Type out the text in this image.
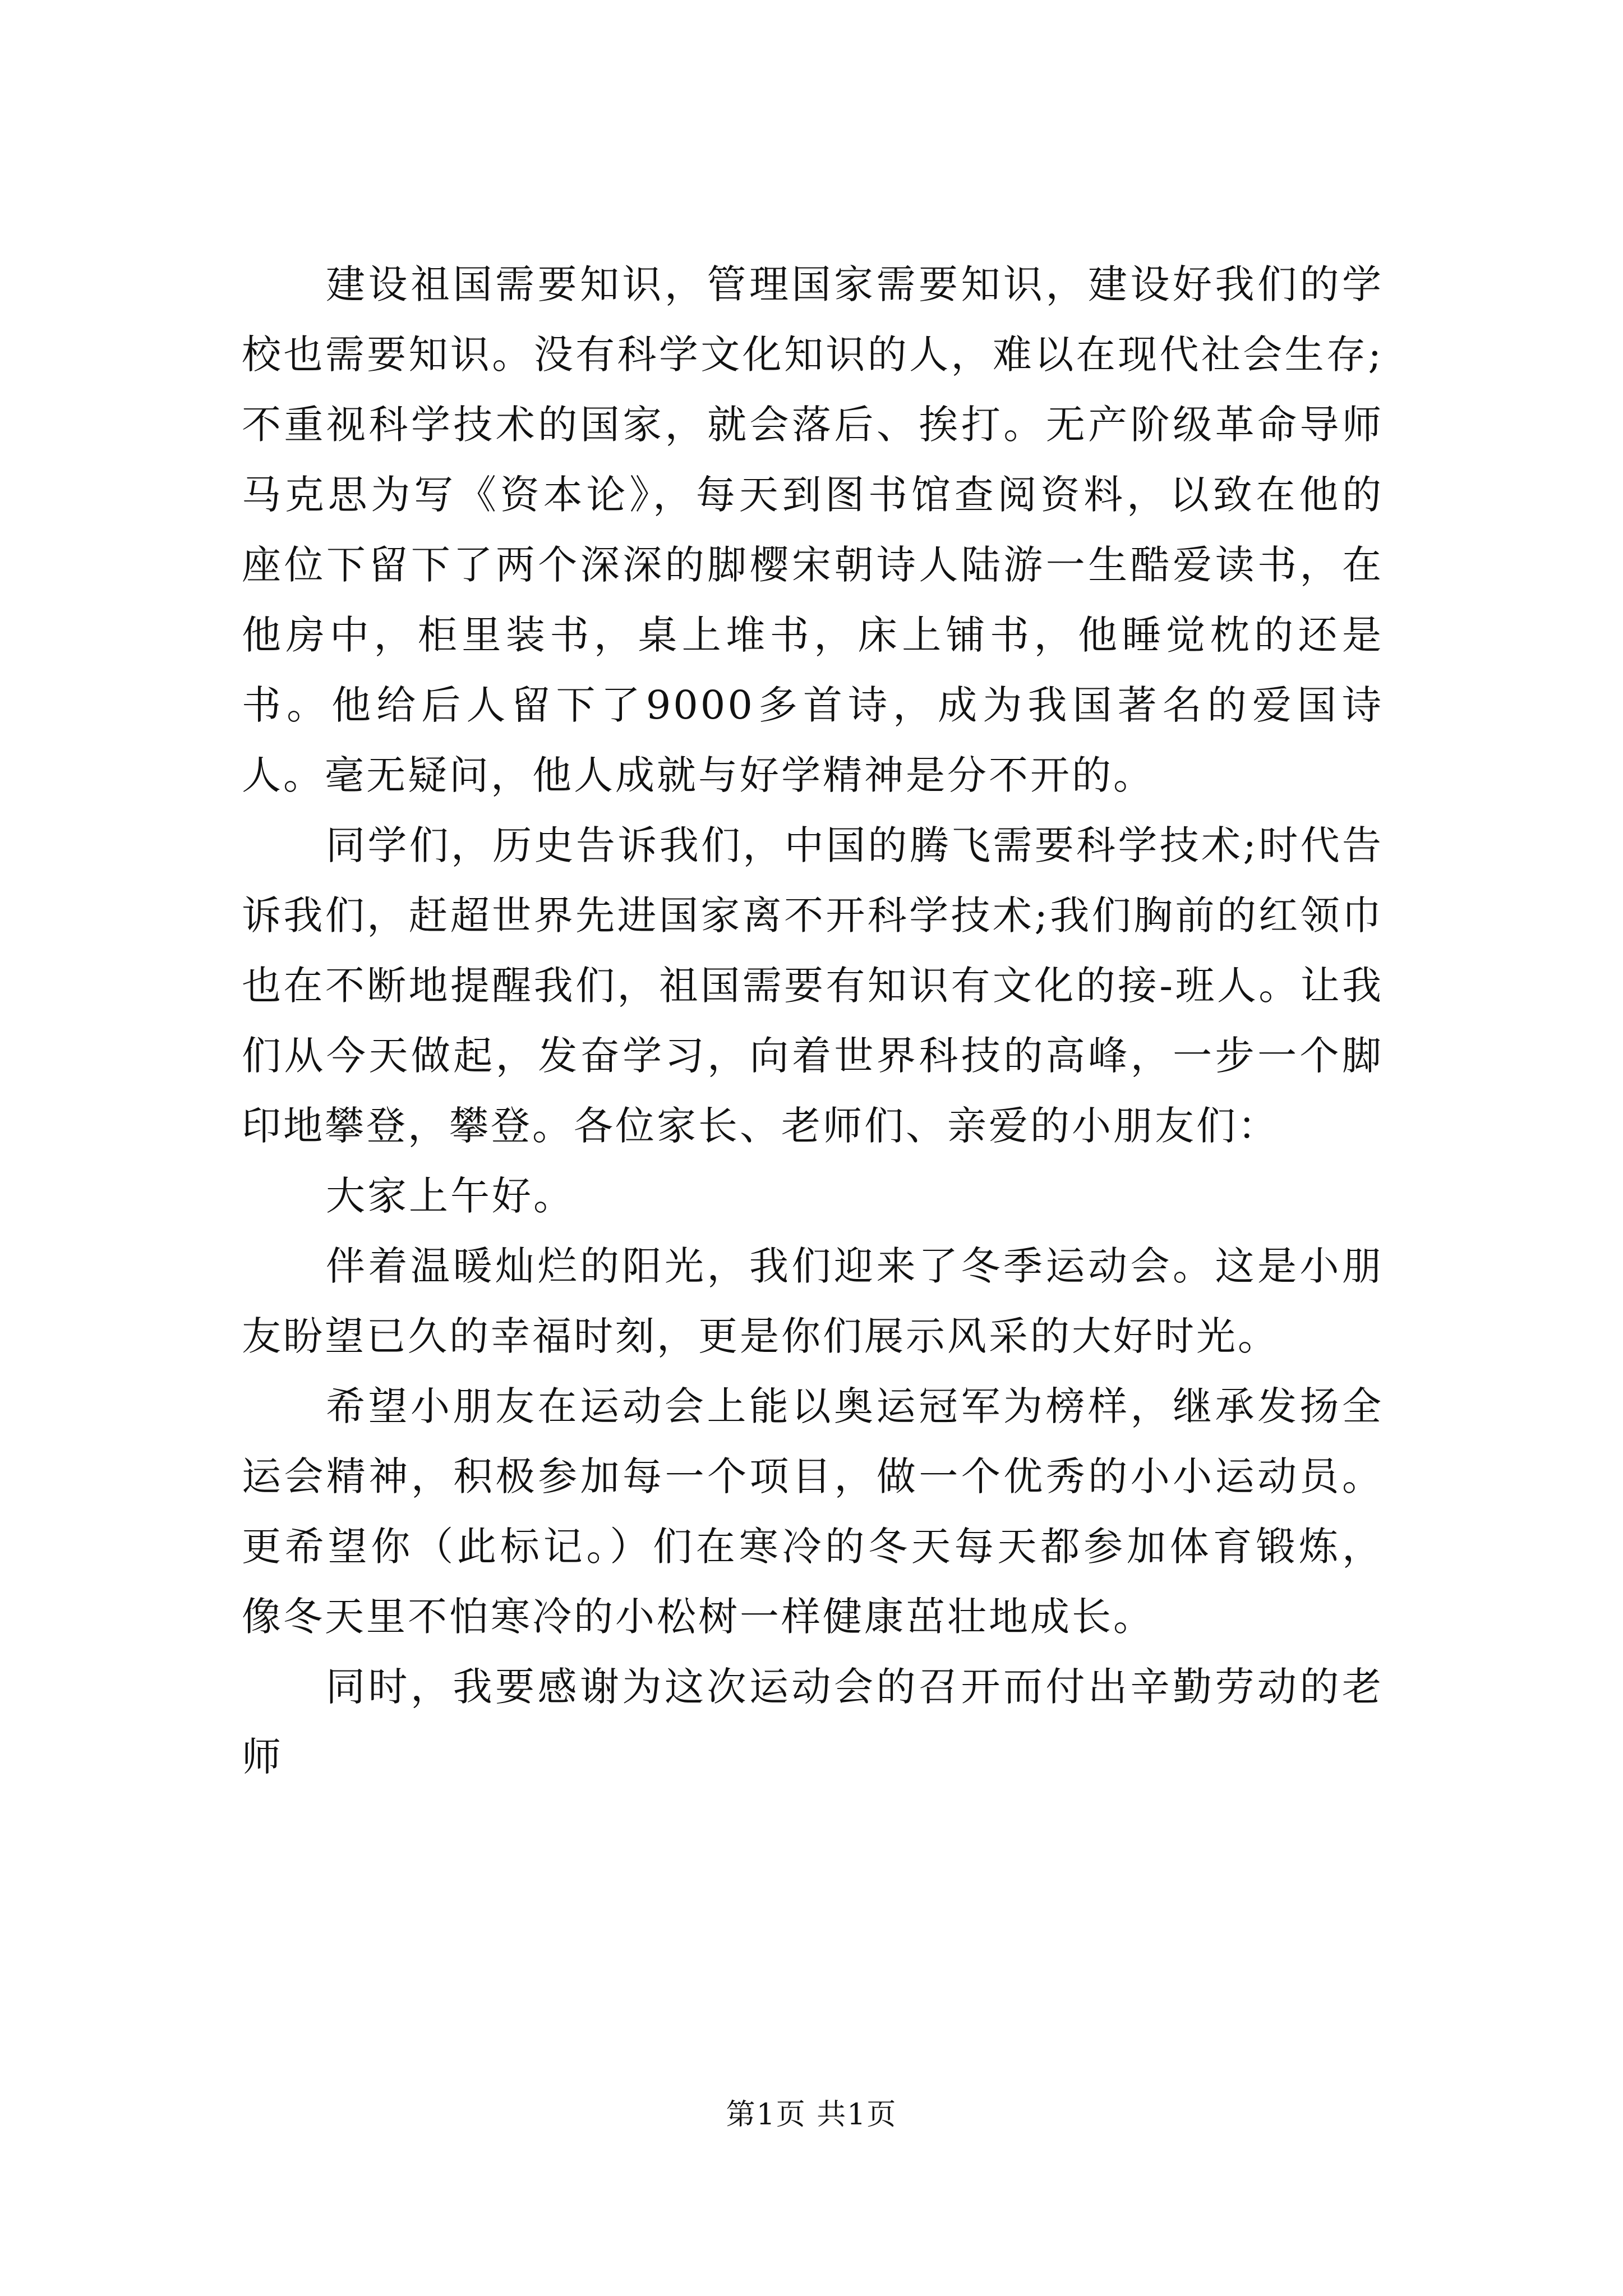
建设祖国需要知识，管理国家需要知识，建设好我们的学校也需要知识。没有科学文化知识的人，难以在现代社会生存;不重视科学技术的国家，就会落后、挨打。无产阶级革命导师马克思为写《资本论》，每天到图书馆查阅资料，以致在他的座位下留下了两个深深的脚樱宋朝诗人陆游一生酷爱读书，在他房中，柜里装书，桌上堆书，床上铺书，他睡觉枕的还是书。他给后人留下了9000多首诗，成为我国著名的爱国诗人。毫无疑问，他人成就与好学精神是分不开的。

同学们，历史告诉我们，中国的腾飞需要科学技术;时代告诉我们，赶超世界先进国家离不开科学技术;我们胸前的红领巾也在不断地提醒我们，祖国需要有知识有文化的接-班人。让我们从今天做起，发奋学习，向着世界科技的高峰，一步一个脚印地攀登，攀登。各位家长、老师们、亲爱的小朋友们：

大家上午好。

伴着温暖灿烂的阳光，我们迎来了冬季运动会。这是小朋友盼望已久的幸福时刻，更是你们展示风采的大好时光。

希望小朋友在运动会上能以奥运冠军为榜样，继承发扬全运会精神，积极参加每一个项目，做一个优秀的小小运动员。更希望你（此标记。）们在寒冷的冬天每天都参加体育锻炼，像冬天里不怕寒冷的小松树一样健康茁壮地成长。

同时，我要感谢为这次运动会的召开而付出辛勤劳动的老师

第1页 共1页
